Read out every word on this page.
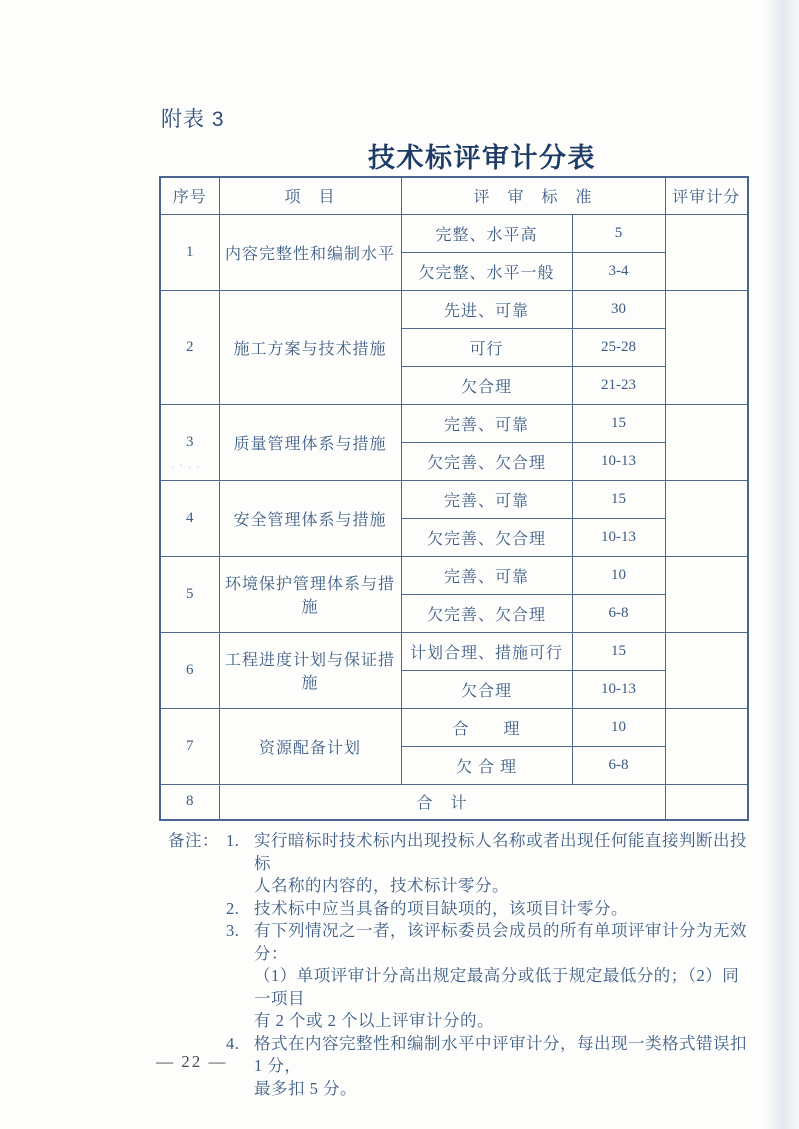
附表 3
技术标评审计分表
序号	项　目	评　审　标　准		评审计分
1	内容完整性和编制水平	完整、水平高	5	
		欠完整、水平一般	3-4	
2	施工方案与技术措施	先进、可靠	30	
		可行	25-28	
		欠合理	21-23	
3	质量管理体系与措施	完善、可靠	15	
		欠完善、欠合理	10-13	
4	安全管理体系与措施	完善、可靠	15	
		欠完善、欠合理	10-13	
5	环境保护管理体系与措施	完善、可靠	10	
		欠完善、欠合理	6-8	
6	工程进度计划与保证措施	计划合理、措施可行	15	
		欠合理	10-13	
7	资源配备计划	合　　理	10	
		欠 合 理	6-8	
8	合　计			
备注： 1. 实行暗标时技术标内出现投标人名称或者出现任何能直接判断出投标
人名称的内容的，技术标计零分。
2. 技术标中应当具备的项目缺项的，该项目计零分。
3. 有下列情况之一者，该评标委员会成员的所有单项评审计分为无效分：
（1）单项评审计分高出规定最高分或低于规定最低分的；（2）同一项目
有 2 个或 2 个以上评审计分的。
4. 格式在内容完整性和编制水平中评审计分，每出现一类格式错误扣 1 分，
最多扣 5 分。
— 22 —
.·..
